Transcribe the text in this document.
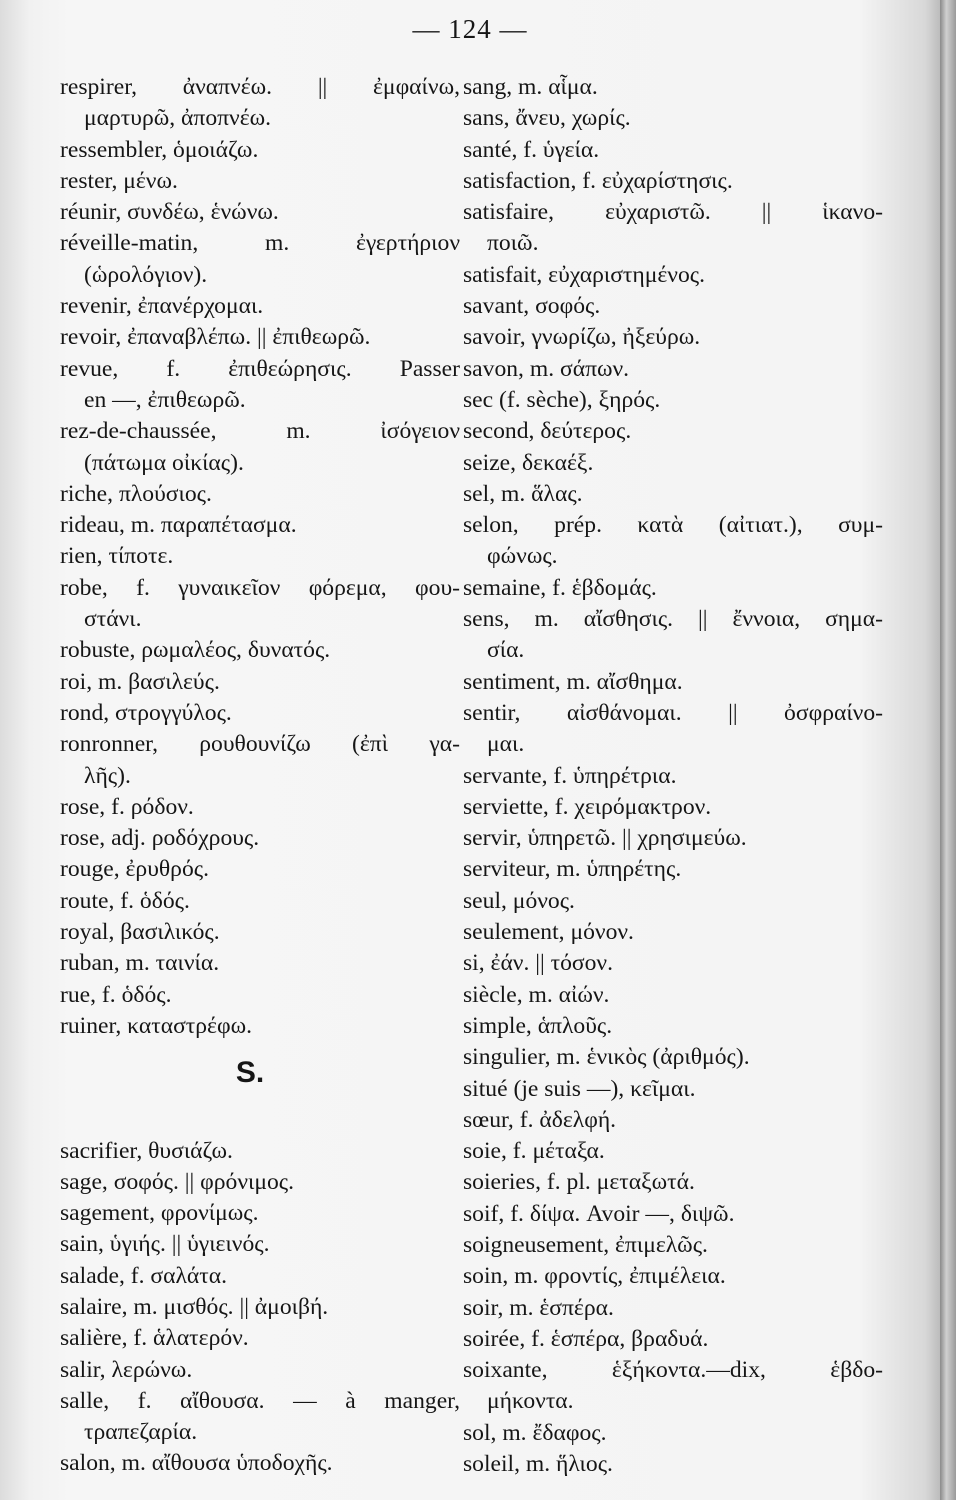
— 124 —
respirer, ἀναπνέω. || ἐμφαίνω,
μαρτυρῶ, ἀποπνέω.
ressembler, ὁμοιάζω.
rester, μένω.
réunir, συνδέω, ἑνώνω.
réveille-matin, m. ἐγερτήριον
(ὡρολόγιον).
revenir, ἐπανέρχομαι.
revoir, ἐπαναβλέπω. || ἐπιθεωρῶ.
revue, f. ἐπιθεώρησις. Passer
en —, ἐπιθεωρῶ.
rez-de-chaussée, m. ἰσόγειον
(πάτωμα οἰκίας).
riche, πλούσιος.
rideau, m. παραπέτασμα.
rien, τίποτε.
robe, f. γυναικεῖον φόρεμα, φου-
στάνι.
robuste, ρωμαλέος, δυνατός.
roi, m. βασιλεύς.
rond, στρογγύλος.
ronronner, ρουθουνίζω (ἐπὶ γα-
λῆς).
rose, f. ρόδον.
rose, adj. ροδόχρους.
rouge, ἐρυθρός.
route, f. ὁδός.
royal, βασιλικός.
ruban, m. ταινία.
rue, f. ὁδός.
ruiner, καταστρέφω.
S.
sacrifier, θυσιάζω.
sage, σοφός. || φρόνιμος.
sagement, φρονίμως.
sain, ὑγιής. || ὑγιεινός.
salade, f. σαλάτα.
salaire, m. μισθός. || ἀμοιβή.
salière, f. ἁλατερόν.
salir, λερώνω.
salle, f. αἴθουσα. — à manger,
τραπεζαρία.
salon, m. αἴθουσα ὑποδοχῆς.
sang, m. αἷμα.
sans, ἄνευ, χωρίς.
santé, f. ὑγεία.
satisfaction, f. εὐχαρίστησις.
satisfaire, εὐχαριστῶ. || ἱκανο-
ποιῶ.
satisfait, εὐχαριστημένος.
savant, σοφός.
savoir, γνωρίζω, ἠξεύρω.
savon, m. σάπων.
sec (f. sèche), ξηρός.
second, δεύτερος.
seize, δεκαέξ.
sel, m. ἅλας.
selon, prép. κατὰ (αἰτιατ.), συμ-
φώνως.
semaine, f. ἑβδομάς.
sens, m. αἴσθησις. || ἔννοια, σημα-
σία.
sentiment, m. αἴσθημα.
sentir, αἰσθάνομαι. || ὀσφραίνο-
μαι.
servante, f. ὑπηρέτρια.
serviette, f. χειρόμακτρον.
servir, ὑπηρετῶ. || χρησιμεύω.
serviteur, m. ὑπηρέτης.
seul, μόνος.
seulement, μόνον.
si, ἐάν. || τόσον.
siècle, m. αἰών.
simple, ἁπλοῦς.
singulier, m. ἑνικὸς (ἀριθμός).
situé (je suis —), κεῖμαι.
sœur, f. ἀδελφή.
soie, f. μέταξα.
soieries, f. pl. μεταξωτά.
soif, f. δίψα. Avoir —, διψῶ.
soigneusement, ἐπιμελῶς.
soin, m. φροντίς, ἐπιμέλεια.
soir, m. ἑσπέρα.
soirée, f. ἑσπέρα, βραδυά.
soixante, ἑξήκοντα.—dix, ἑβδο-
μήκοντα.
sol, m. ἔδαφος.
soleil, m. ἥλιος.
